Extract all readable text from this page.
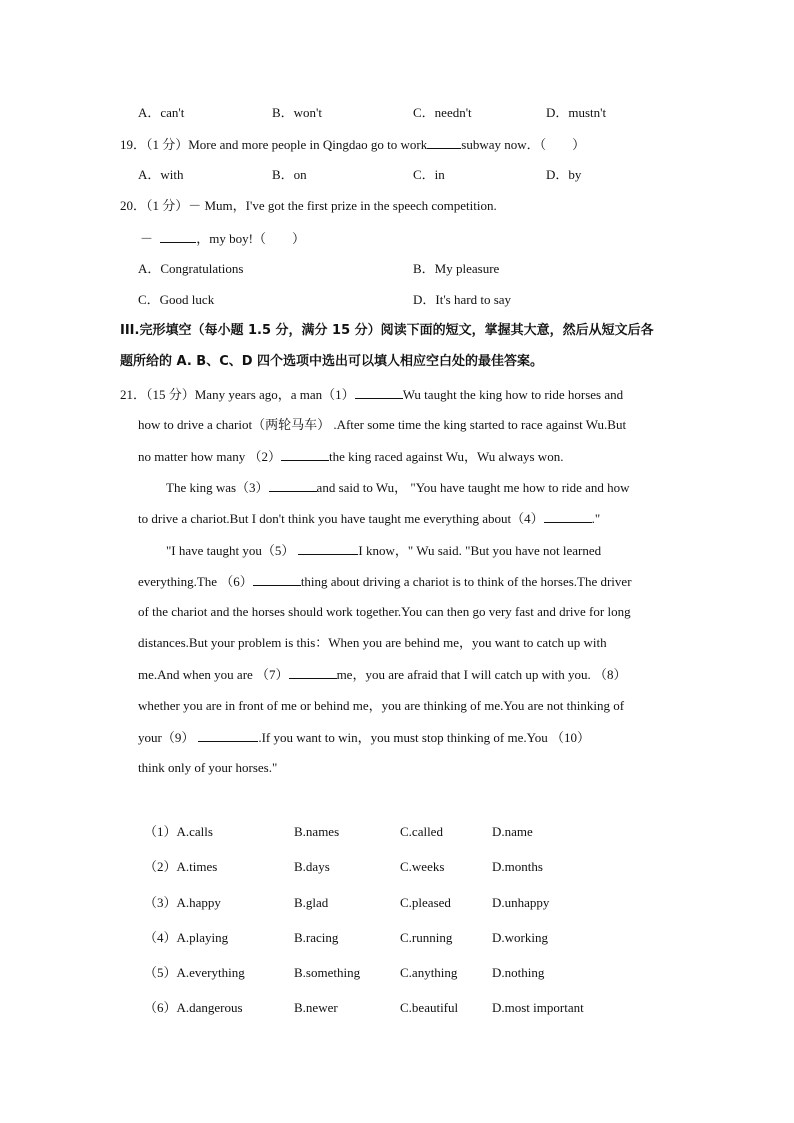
A．can't	B．won't	C．needn't	D．mustn't
19．（1 分）More and more people in Qingdao go to work	subway now．（　　）
A．with	B．on	C．in	D．by
20．（1 分）－ Mum，I've got the first prize in the speech competition.
－	，my boy!（　　）
A．Congratulations	B．My pleasure
C．Good luck	D．It's hard to say
III.完形填空（每小题 1.5 分，满分 15 分）阅读下面的短文，掌握其大意，然后从短文后各
题所给的 A. B、C、D 四个选项中选出可以填人相应空白处的最佳答案。
21．（15 分）Many years ago，a man（1）	Wu taught the king how to ride horses and
how to drive a chariot（两轮马车） .After some time the king started to race against Wu.But
no matter how many （2）	the king raced against Wu，Wu always won.
The king was（3）	and said to Wu， "You have taught me how to ride and how
to drive a chariot.But I don't think you have taught me everything about（4）	."
"I have taught you（5）	I know，" Wu said. "But you have not learned
everything.The （6）	thing about driving a chariot is to think of the horses.The driver
of the chariot and the horses should work together.You can then go very fast and drive for long
distances.But your problem is this：When you are behind me，you want to catch up with
me.And when you are （7）	me，you are afraid that I will catch up with you. （8）
whether you are in front of me or behind me，you are thinking of me.You are not thinking of
your（9）	.If you want to win，you must stop thinking of me.You （10）
think only of your horses."
（1）A.calls	B.names	C.called	D.name
（2）A.times	B.days	C.weeks	D.months
（3）A.happy	B.glad	C.pleased	D.unhappy
（4）A.playing	B.racing	C.running	D.working
（5）A.everything	B.something	C.anything	D.nothing
（6）A.dangerous	B.newer	C.beautiful	D.most important
